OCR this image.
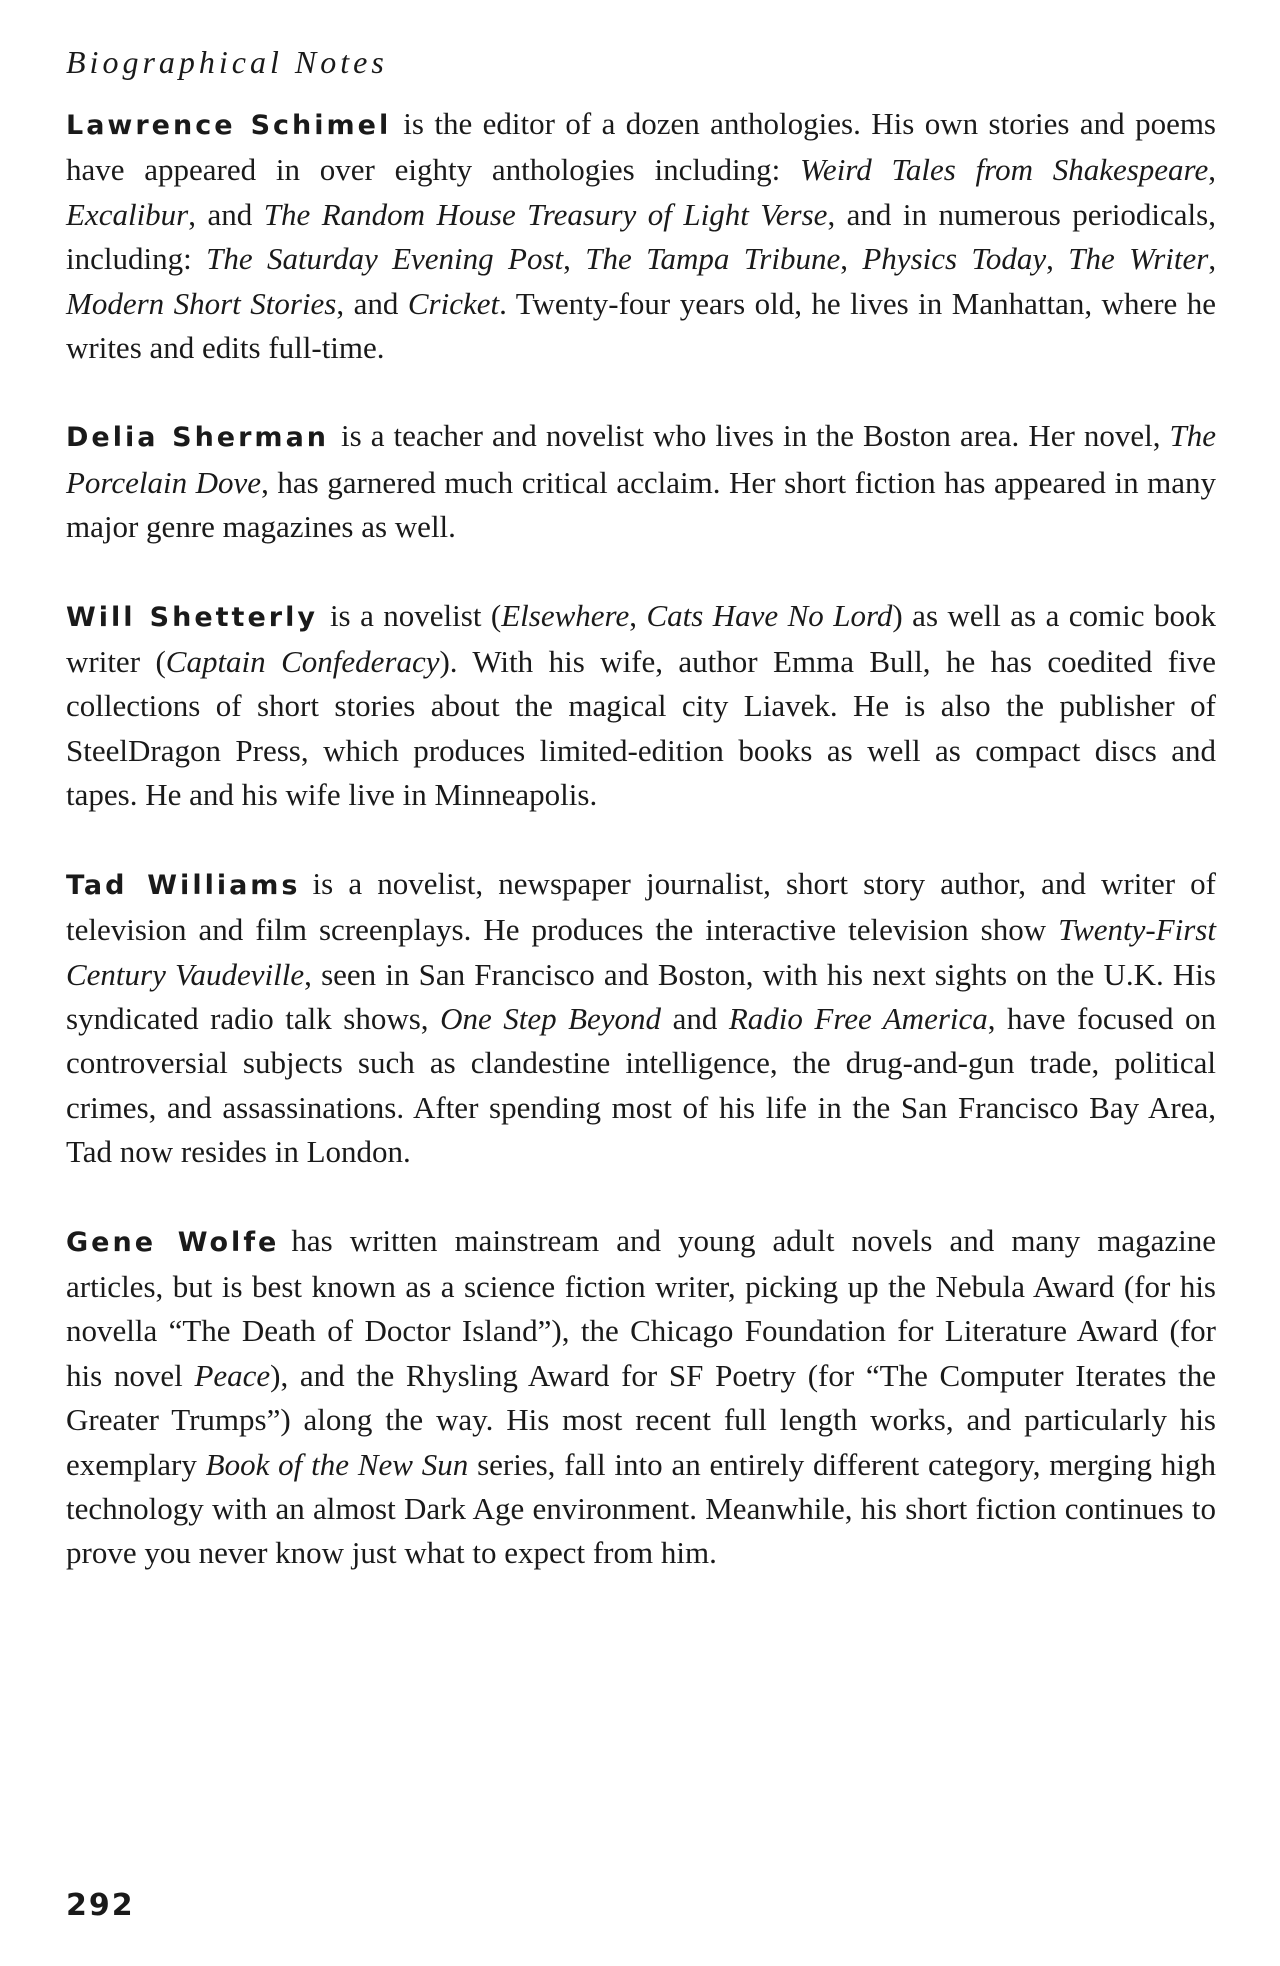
Biographical Notes

Lawrence Schimel is the editor of a dozen anthologies. His own stories and poems have appeared in over eighty anthologies including: Weird Tales from Shakespeare, Excalibur, and The Random House Treasury of Light Verse, and in numerous periodicals, including: The Saturday Evening Post, The Tampa Tribune, Physics Today, The Writer, Modern Short Stories, and Cricket. Twenty-four years old, he lives in Manhattan, where he writes and edits full-time.

Delia Sherman is a teacher and novelist who lives in the Boston area. Her novel, The Porcelain Dove, has garnered much critical acclaim. Her short fiction has appeared in many major genre magazines as well.

Will Shetterly is a novelist (Elsewhere, Cats Have No Lord) as well as a comic book writer (Captain Confederacy). With his wife, author Emma Bull, he has coedited five collections of short stories about the magical city Liavek. He is also the publisher of SteelDragon Press, which produces limited-edition books as well as compact discs and tapes. He and his wife live in Minneapolis.

Tad Williams is a novelist, newspaper journalist, short story author, and writer of television and film screenplays. He produces the interactive television show Twenty-First Century Vaudeville, seen in San Francisco and Boston, with his next sights on the U.K. His syndicated radio talk shows, One Step Beyond and Radio Free America, have focused on controversial subjects such as clandestine intelligence, the drug-and-gun trade, political crimes, and assassinations. After spending most of his life in the San Francisco Bay Area, Tad now resides in London.

Gene Wolfe has written mainstream and young adult novels and many magazine articles, but is best known as a science fiction writer, picking up the Nebula Award (for his novella “The Death of Doctor Island”), the Chicago Foundation for Literature Award (for his novel Peace), and the Rhysling Award for SF Poetry (for “The Computer Iterates the Greater Trumps”) along the way. His most recent full length works, and particularly his exemplary Book of the New Sun series, fall into an entirely different category, merging high technology with an almost Dark Age environment. Meanwhile, his short fiction continues to prove you never know just what to expect from him.

292
